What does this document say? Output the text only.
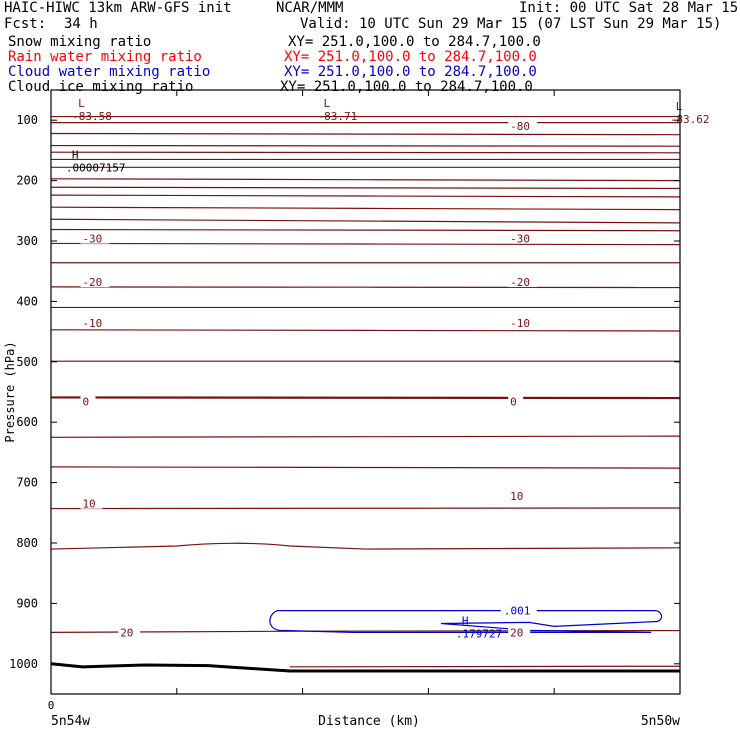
HAIC-HIWC 13km ARW-GFS init	NCAR/MMM	Init: 00 UTC Sat 28 Mar 15
Fcst: 34 h	Valid: 10 UTC Sun 29 Mar 15 (07 LST Sun 29 Mar 15)
Snow mixing ratio	XY= 251.0,100.0 to 284.7,100.0
Rain water mixing ratio	XY= 251.0,100.0 to 284.7,100.0
Cloud water mixing ratio	XY= 251.0,100.0 to 284.7,100.0
Cloud ice mixing ratio	XY= 251.0,100.0 to 284.7,100.0
.001
-80
-30	-30
-20	-20
-10	-10
0	0
10
10
20	20
L
-83.58
L
-83.71
L
-83.62
H
.00007157
H
.179727
100
200
300
400
500
600
700
800
900
1000
Pressure (hPa)
Distance (km)
0
5n54w	5n50w
